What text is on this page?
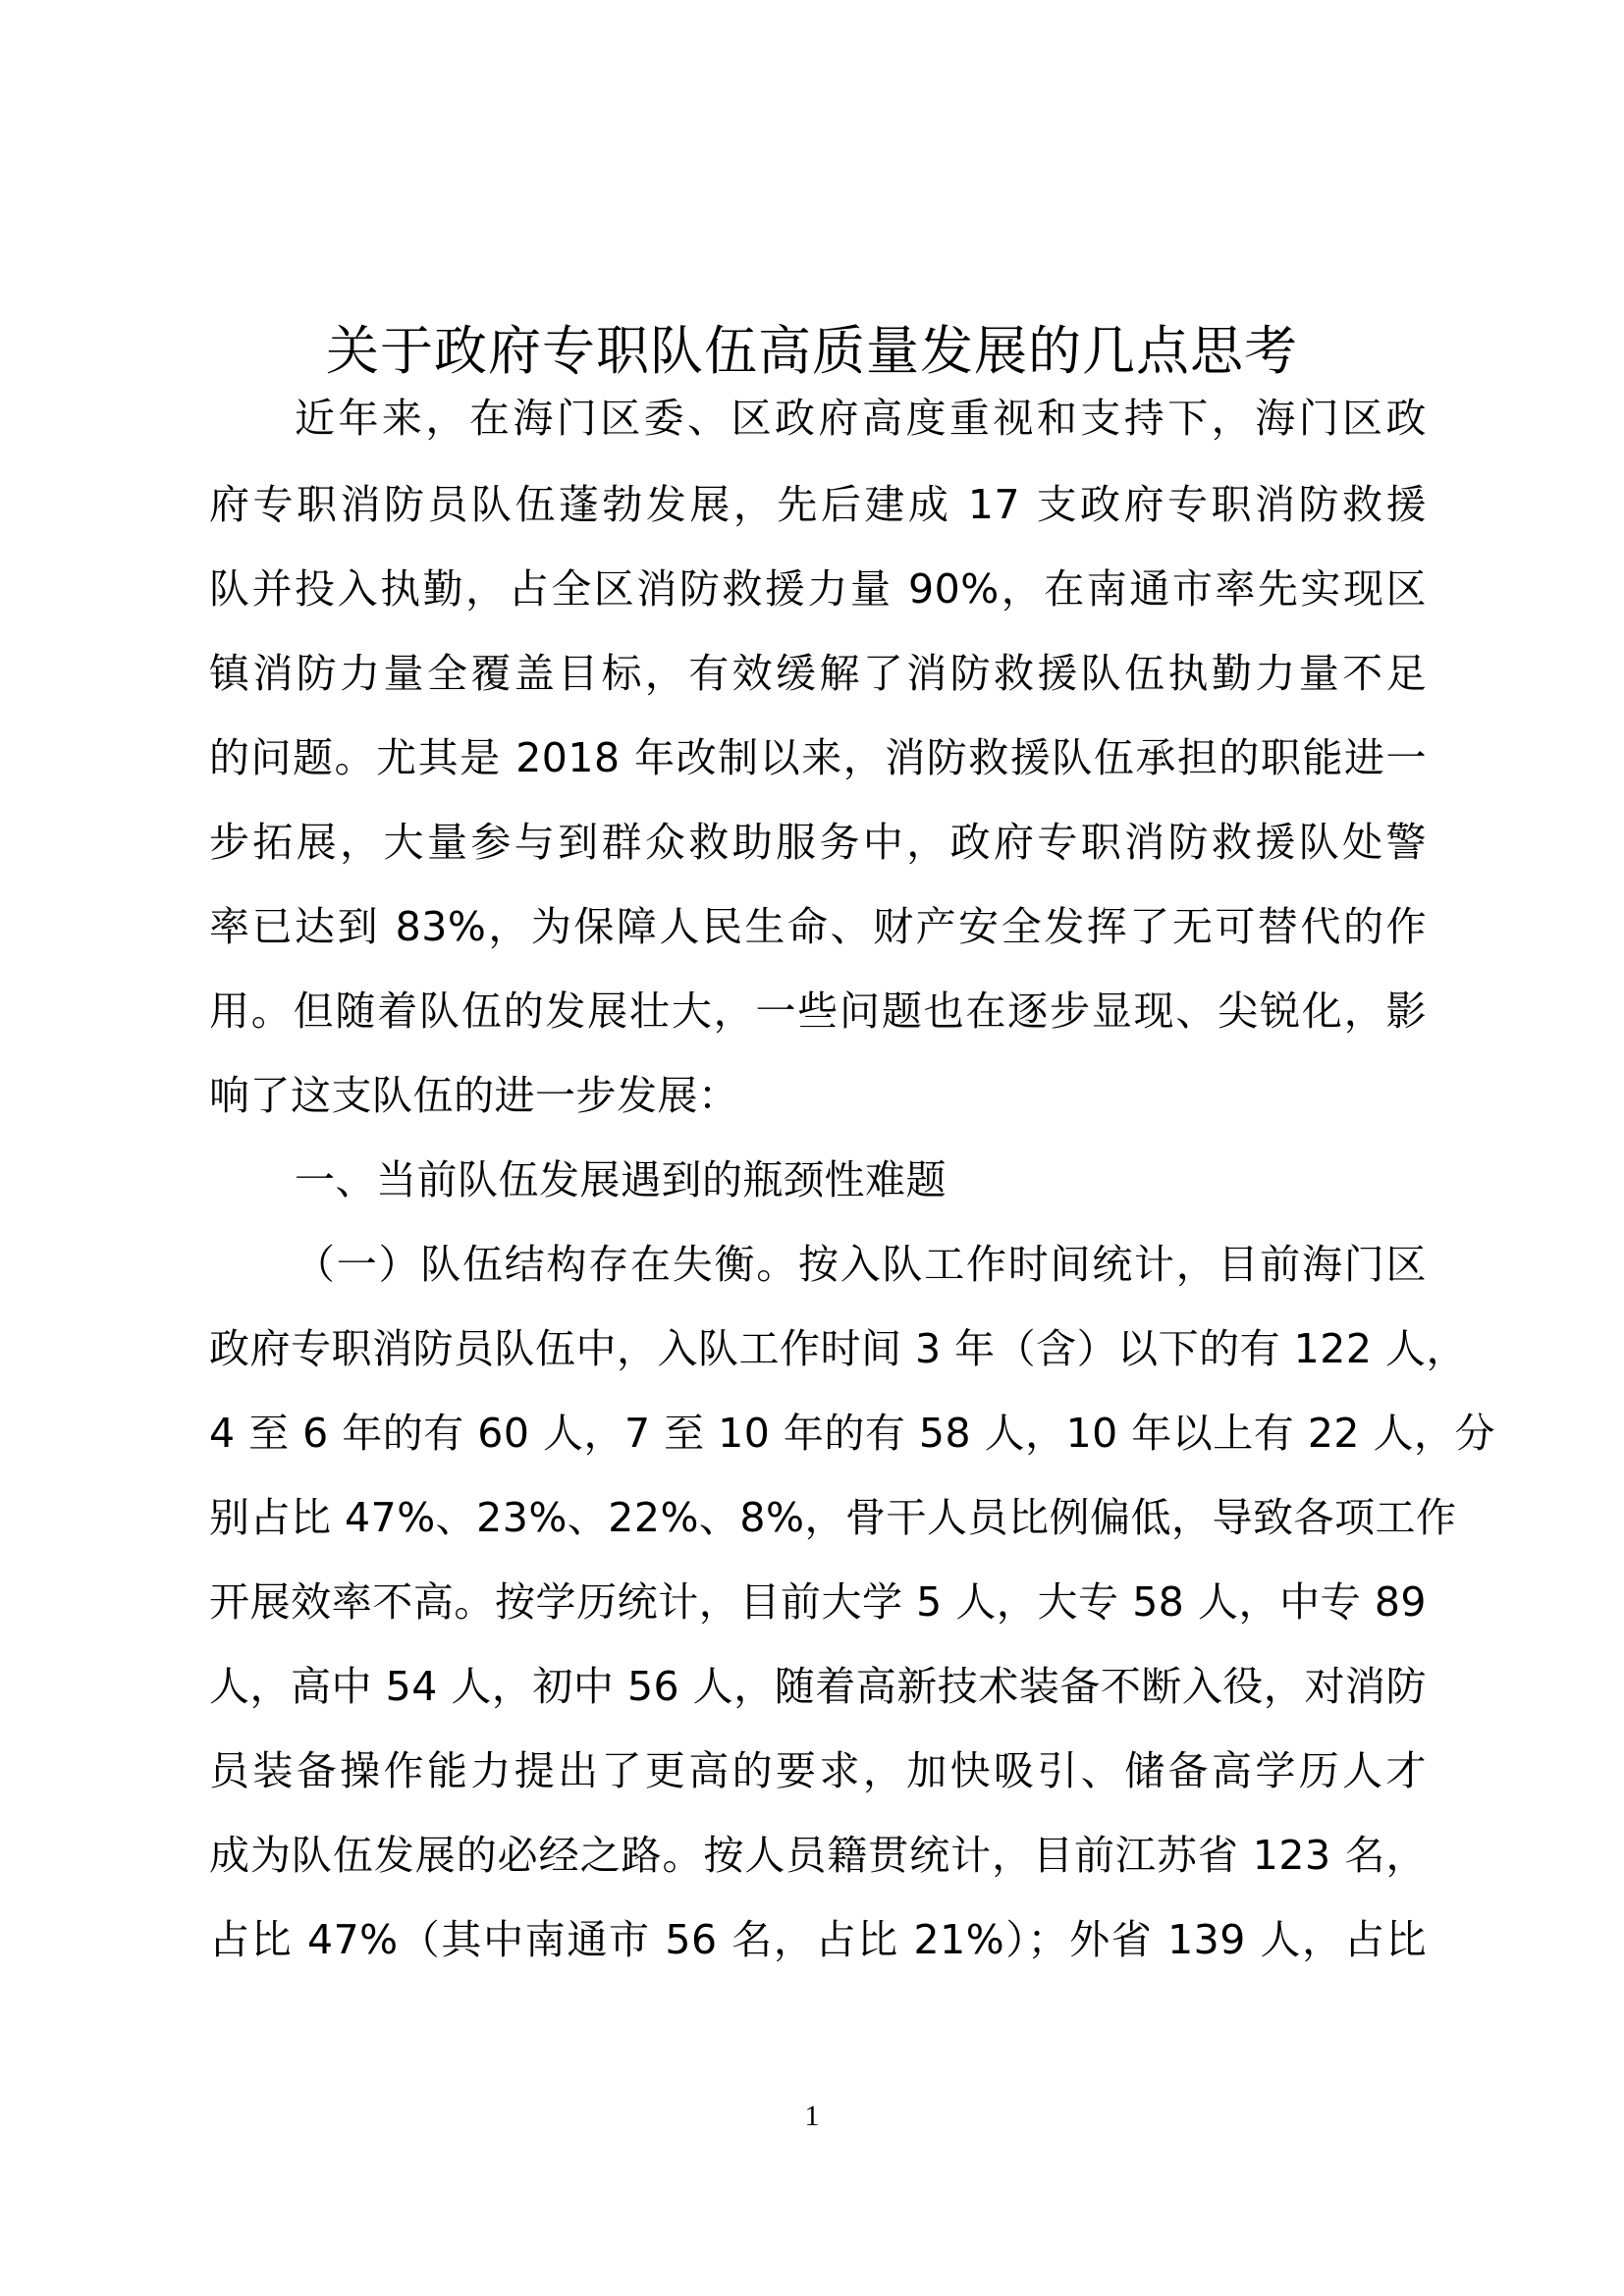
关于政府专职队伍高质量发展的几点思考
近年来，在海门区委、区政府高度重视和支持下，海门区政
府专职消防员队伍蓬勃发展，先后建成 17 支政府专职消防救援
队并投入执勤，占全区消防救援力量 90%，在南通市率先实现区
镇消防力量全覆盖目标，有效缓解了消防救援队伍执勤力量不足
的问题。尤其是 2018 年改制以来，消防救援队伍承担的职能进一
步拓展，大量参与到群众救助服务中，政府专职消防救援队处警
率已达到 83%，为保障人民生命、财产安全发挥了无可替代的作
用。但随着队伍的发展壮大，一些问题也在逐步显现、尖锐化，影
响了这支队伍的进一步发展：
一、当前队伍发展遇到的瓶颈性难题
（一）队伍结构存在失衡。按入队工作时间统计，目前海门区
政府专职消防员队伍中，入队工作时间 3 年（含）以下的有 122 人，
4 至 6 年的有 60 人，7 至 10 年的有 58 人，10 年以上有 22 人，分
别占比 47%、23%、22%、8%，骨干人员比例偏低，导致各项工作
开展效率不高。按学历统计，目前大学 5 人，大专 58 人，中专 89
人，高中 54 人，初中 56 人，随着高新技术装备不断入役，对消防
员装备操作能力提出了更高的要求，加快吸引、储备高学历人才
成为队伍发展的必经之路。按人员籍贯统计，目前江苏省 123 名，
占比 47%（其中南通市 56 名，占比 21%）；外省 139 人，占比
1
